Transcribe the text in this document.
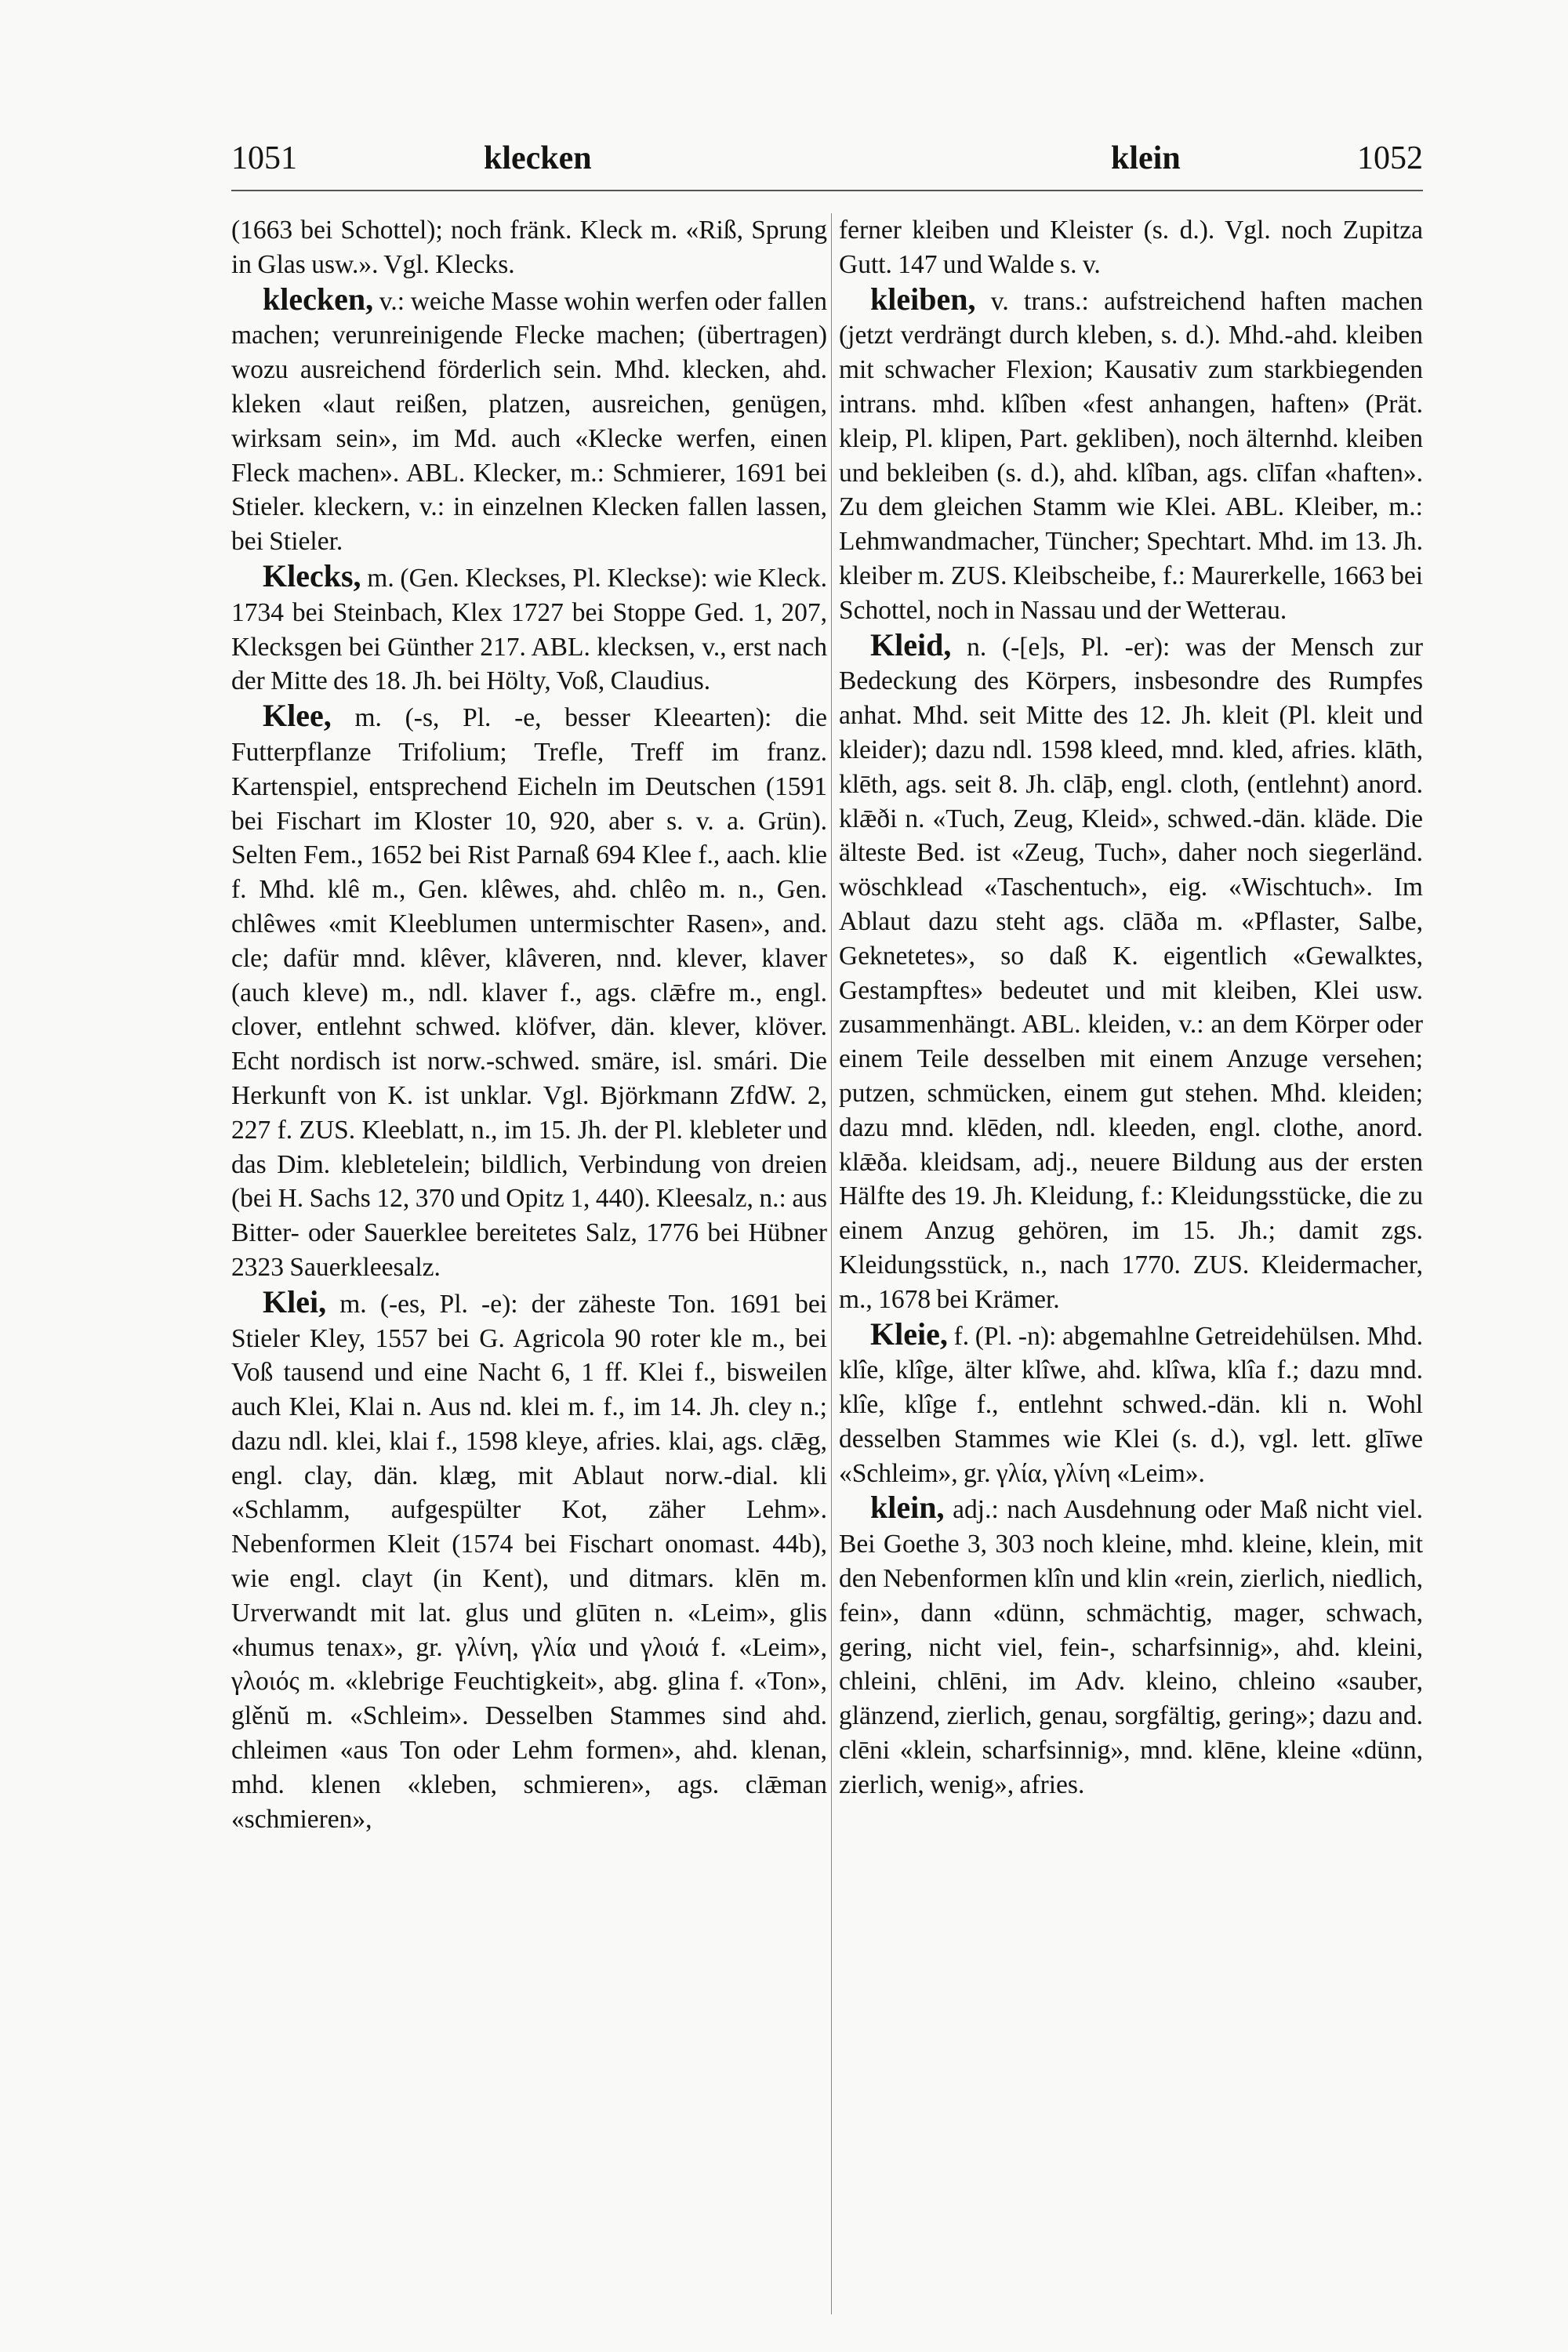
1051	klecken	klein	1052

(1663 bei Schottel); noch fränk. Kleck m. «Riß, Sprung in Glas usw.». Vgl. Klecks.

klecken, v.: weiche Masse wohin werfen oder fallen machen; verunreinigende Flecke machen; (übertragen) wozu ausreichend förderlich sein. Mhd. klecken, ahd. kleken «laut reißen, platzen, ausreichen, genügen, wirksam sein», im Md. auch «Klecke werfen, einen Fleck machen». ABL. Klecker, m.: Schmierer, 1691 bei Stieler. kleckern, v.: in einzelnen Klecken fallen lassen, bei Stieler.

Klecks, m. (Gen. Kleckses, Pl. Kleckse): wie Kleck. 1734 bei Steinbach, Klex 1727 bei Stoppe Ged. 1, 207, Klecksgen bei Günther 217. ABL. klecksen, v., erst nach der Mitte des 18. Jh. bei Hölty, Voß, Claudius.

Klee, m. (-s, Pl. -e, besser Kleearten): die Futterpflanze Trifolium; Trefle, Treff im franz. Kartenspiel, entsprechend Eicheln im Deutschen (1591 bei Fischart im Kloster 10, 920, aber s. v. a. Grün). Selten Fem., 1652 bei Rist Parnaß 694 Klee f., aach. klie f. Mhd. klê m., Gen. klêwes, ahd. chlêo m. n., Gen. chlêwes «mit Kleeblumen untermischter Rasen», and. cle; dafür mnd. klêver, klâveren, nnd. klever, klaver (auch kleve) m., ndl. klaver f., ags. clǣfre m., engl. clover, entlehnt schwed. klöfver, dän. klever, klöver. Echt nordisch ist norw.-schwed. smäre, isl. smári. Die Herkunft von K. ist unklar. Vgl. Björkmann ZfdW. 2, 227 f. ZUS. Kleeblatt, n., im 15. Jh. der Pl. klebleter und das Dim. klebletelein; bildlich, Verbindung von dreien (bei H. Sachs 12, 370 und Opitz 1, 440). Kleesalz, n.: aus Bitter- oder Sauerklee bereitetes Salz, 1776 bei Hübner 2323 Sauerkleesalz.

Klei, m. (-es, Pl. -e): der zäheste Ton. 1691 bei Stieler Kley, 1557 bei G. Agricola 90 roter kle m., bei Voß tausend und eine Nacht 6, 1 ff. Klei f., bisweilen auch Klei, Klai n. Aus nd. klei m. f., im 14. Jh. cley n.; dazu ndl. klei, klai f., 1598 kleye, afries. klai, ags. clǣg, engl. clay, dän. klæg, mit Ablaut norw.-dial. kli «Schlamm, aufgespülter Kot, zäher Lehm». Nebenformen Kleit (1574 bei Fischart onomast. 44b), wie engl. clayt (in Kent), und ditmars. klēn m. Urverwandt mit lat. glus und glūten n. «Leim», glis «humus tenax», gr. γλίνη, γλία und γλοιά f. «Leim», γλοιός m. «klebrige Feuchtigkeit», abg. glina f. «Ton», glěnŭ m. «Schleim». Desselben Stammes sind ahd. chleimen «aus Ton oder Lehm formen», ahd. klenan, mhd. klenen «kleben, schmieren», ags. clǣman «schmieren»,

ferner kleiben und Kleister (s. d.). Vgl. noch Zupitza Gutt. 147 und Walde s. v.

kleiben, v. trans.: aufstreichend haften machen (jetzt verdrängt durch kleben, s. d.). Mhd.-ahd. kleiben mit schwacher Flexion; Kausativ zum starkbiegenden intrans. mhd. klîben «fest anhangen, haften» (Prät. kleip, Pl. klipen, Part. gekliben), noch älternhd. kleiben und bekleiben (s. d.), ahd. klîban, ags. clīfan «haften». Zu dem gleichen Stamm wie Klei. ABL. Kleiber, m.: Lehmwandmacher, Tüncher; Spechtart. Mhd. im 13. Jh. kleiber m. ZUS. Kleibscheibe, f.: Maurerkelle, 1663 bei Schottel, noch in Nassau und der Wetterau.

Kleid, n. (-[e]s, Pl. -er): was der Mensch zur Bedeckung des Körpers, insbesondre des Rumpfes anhat. Mhd. seit Mitte des 12. Jh. kleit (Pl. kleit und kleider); dazu ndl. 1598 kleed, mnd. kled, afries. klāth, klēth, ags. seit 8. Jh. clāþ, engl. cloth, (entlehnt) anord. klǣði n. «Tuch, Zeug, Kleid», schwed.-dän. kläde. Die älteste Bed. ist «Zeug, Tuch», daher noch siegerländ. wöschklead «Taschentuch», eig. «Wischtuch». Im Ablaut dazu steht ags. clāða m. «Pflaster, Salbe, Geknetetes», so daß K. eigentlich «Gewalktes, Gestampftes» bedeutet und mit kleiben, Klei usw. zusammenhängt. ABL. kleiden, v.: an dem Körper oder einem Teile desselben mit einem Anzuge versehen; putzen, schmücken, einem gut stehen. Mhd. kleiden; dazu mnd. klēden, ndl. kleeden, engl. clothe, anord. klǣða. kleidsam, adj., neuere Bildung aus der ersten Hälfte des 19. Jh. Kleidung, f.: Kleidungsstücke, die zu einem Anzug gehören, im 15. Jh.; damit zgs. Kleidungsstück, n., nach 1770. ZUS. Kleidermacher, m., 1678 bei Krämer.

Kleie, f. (Pl. -n): abgemahlne Getreidehülsen. Mhd. klîe, klîge, älter klîwe, ahd. klîwa, klîa f.; dazu mnd. klîe, klîge f., entlehnt schwed.-dän. kli n. Wohl desselben Stammes wie Klei (s. d.), vgl. lett. glīwe «Schleim», gr. γλία, γλίνη «Leim».

klein, adj.: nach Ausdehnung oder Maß nicht viel. Bei Goethe 3, 303 noch kleine, mhd. kleine, klein, mit den Nebenformen klîn und klin «rein, zierlich, niedlich, fein», dann «dünn, schmächtig, mager, schwach, gering, nicht viel, fein-, scharfsinnig», ahd. kleini, chleini, chlēni, im Adv. kleino, chleino «sauber, glänzend, zierlich, genau, sorgfältig, gering»; dazu and. clēni «klein, scharfsinnig», mnd. klēne, kleine «dünn, zierlich, wenig», afries.
